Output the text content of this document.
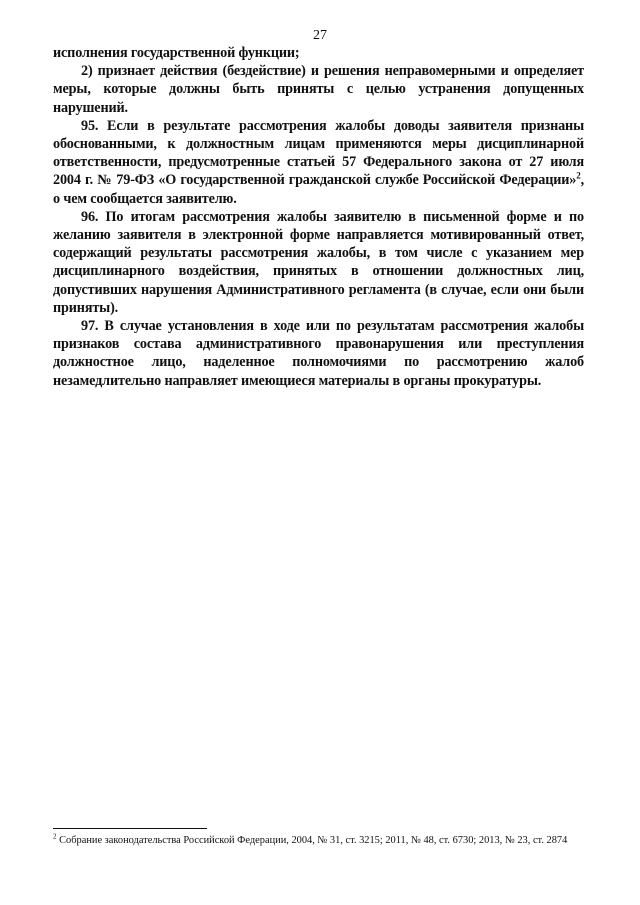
27

исполнения государственной функции;

2) признает действия (бездействие) и решения неправомерными и определяет меры, которые должны быть приняты с целью устранения допущенных нарушений.

95. Если в результате рассмотрения жалобы доводы заявителя признаны обоснованными, к должностным лицам применяются меры дисциплинарной ответственности, предусмотренные статьей 57 Федерального закона от 27 июля 2004 г. № 79-ФЗ «О государственной гражданской службе Российской Федерации»$^2$, о чем сообщается заявителю.

96. По итогам рассмотрения жалобы заявителю в письменной форме и по желанию заявителя в электронной форме направляется мотивированный ответ, содержащий результаты рассмотрения жалобы, в том числе с указанием мер дисциплинарного воздействия, принятых в отношении должностных лиц, допустивших нарушения Административного регламента (в случае, если они были приняты).

97. В случае установления в ходе или по результатам рассмотрения жалобы признаков состава административного правонарушения или преступления должностное лицо, наделенное полномочиями по рассмотрению жалоб незамедлительно направляет имеющиеся материалы в органы прокуратуры.

$^2$ Собрание законодательства Российской Федерации, 2004, № 31, ст. 3215; 2011, № 48, ст. 6730; 2013, № 23, ст. 2874
